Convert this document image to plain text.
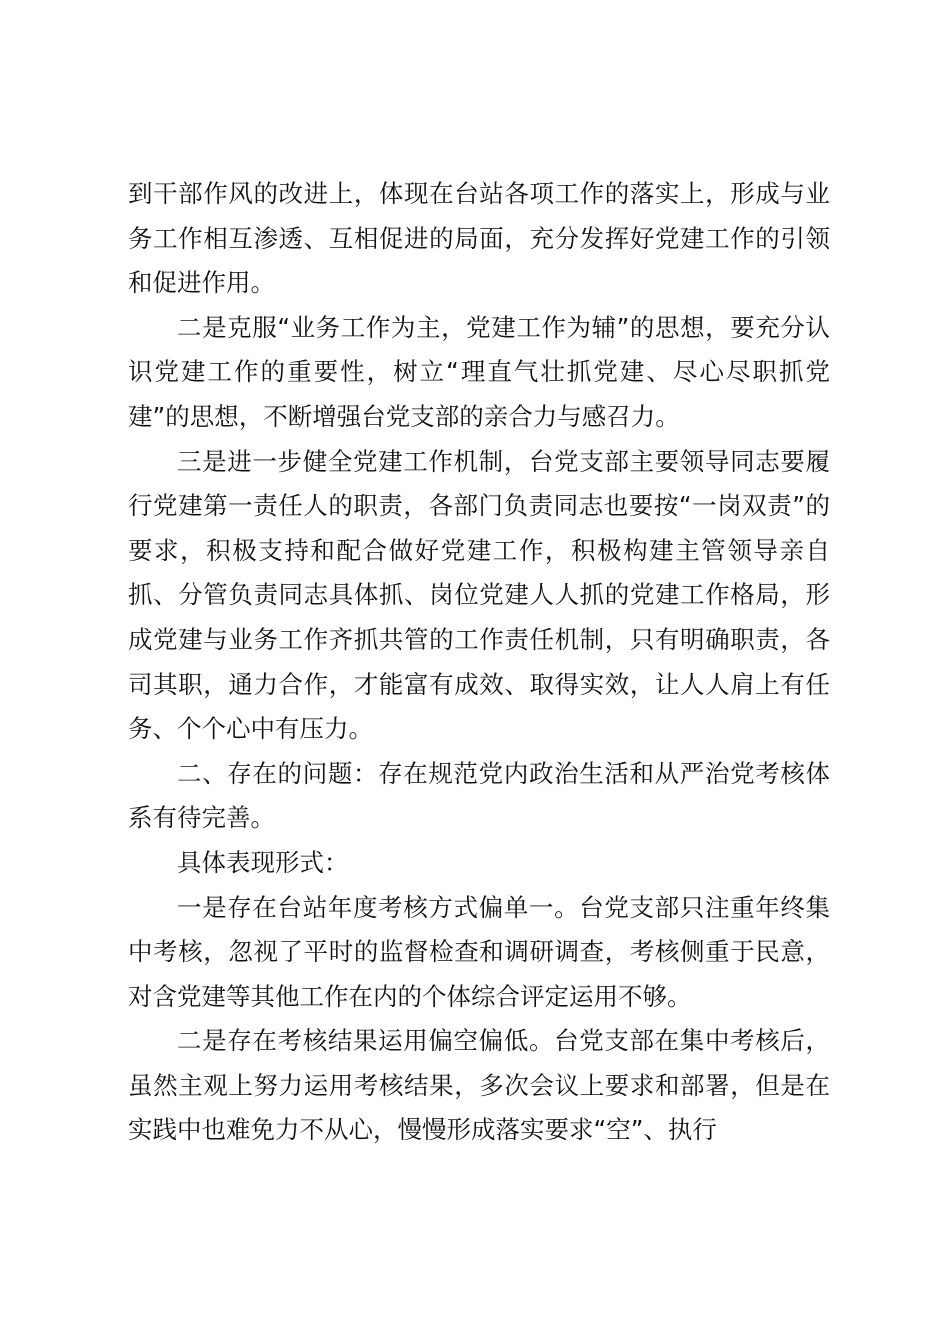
到干部作风的改进上，体现在台站各项工作的落实上，形成与业务工作相互渗透、互相促进的局面，充分发挥好党建工作的引领和促进作用。

二是克服“业务工作为主，党建工作为辅”的思想，要充分认识党建工作的重要性，树立“理直气壮抓党建、尽心尽职抓党建”的思想，不断增强台党支部的亲合力与感召力。

三是进一步健全党建工作机制，台党支部主要领导同志要履行党建第一责任人的职责，各部门负责同志也要按“一岗双责”的要求，积极支持和配合做好党建工作，积极构建主管领导亲自抓、分管负责同志具体抓、岗位党建人人抓的党建工作格局，形成党建与业务工作齐抓共管的工作责任机制，只有明确职责，各司其职，通力合作，才能富有成效、取得实效，让人人肩上有任务、个个心中有压力。

二、存在的问题：存在规范党内政治生活和从严治党考核体系有待完善。

具体表现形式：

一是存在台站年度考核方式偏单一。台党支部只注重年终集中考核，忽视了平时的监督检查和调研调查，考核侧重于民意，对含党建等其他工作在内的个体综合评定运用不够。

二是存在考核结果运用偏空偏低。台党支部在集中考核后，虽然主观上努力运用考核结果，多次会议上要求和部署，但是在实践中也难免力不从心，慢慢形成落实要求“空”、执行
